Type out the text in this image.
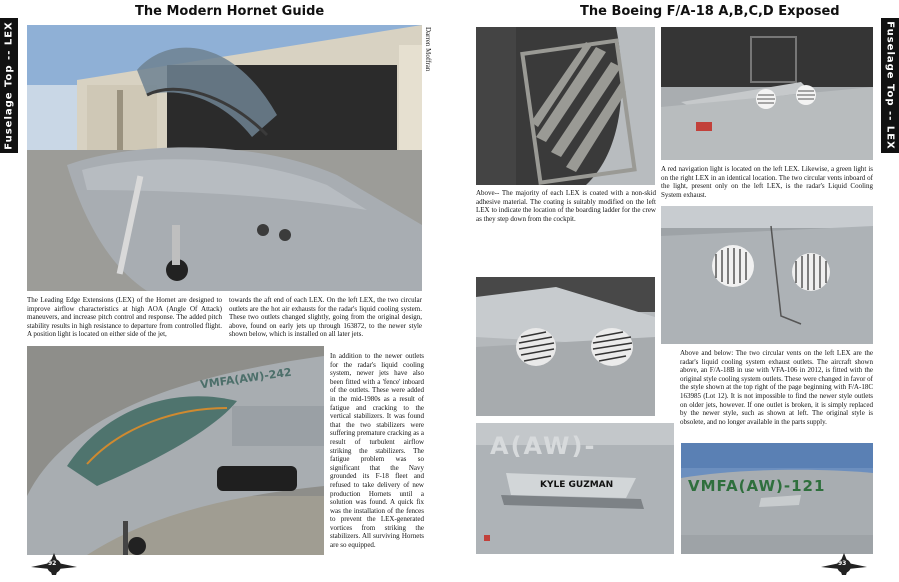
Fuselage Top -- LEX
The Modern Hornet Guide
Darren Moffran
The Leading Edge Extensions (LEX) of the Hornet are designed to improve airflow characteristics at high AOA (Angle Of Attack) maneuvers, and increase pitch control and response. The added pitch stability results in high resistance to departure from controlled flight. A position light is located on either side of the jet,
towards the aft end of each LEX. On the left LEX, the two circular outlets are the hot air exhausts for the radar's liquid cooling system. These two outlets changed slightly, going from the original design, above, found on early jets up through 163872, to the newer style shown below, which is installed on all later jets.
VMFA(AW)-242
In addition to the newer outlets for the radar's liquid cooling system, newer jets have also been fitted with a 'fence' inboard of the outlets. These were added in the mid-1980s as a result of fatigue and cracking to the vertical stabilizers. It was found that the two stabilizers were suffering premature cracking as a result of turbulent airflow striking the stabilizers. The fatigue problem was so significant that the Navy grounded its F-18 fleet and refused to take delivery of new production Hornets until a solution was found. A quick fix was the installation of the fences to prevent the LEX-generated vortices from striking the stabilizers. All surviving Hornets are so equipped.
92
The Boeing F/A-18 A,B,C,D Exposed
Fuselage Top -- LEX
A red navigation light is located on the left LEX. Likewise, a green light is on the right LEX in an identical location. The two circular vents inboard of the light, present only on the left LEX, is the radar's Liquid Cooling System exhaust.
Above-- The majority of each LEX is coated with a non-skid adhesive material. The coating is suitably modified on the left LEX to indicate the location of the boarding ladder for the crew as they step down from the cockpit.
Above and below: The two circular vents on the left LEX are the radar's liquid cooling system exhaust outlets. The aircraft shown above, an F/A-18B in use with VFA-106 in 2012, is fitted with the original style cooling system outlets. These were changed in favor of the style shown at the top right of the page beginning with F/A-18C 163985 (Lot 12). It is not impossible to find the newer style outlets on older jets, however. If one outlet is broken, it is simply replaced by the newer style, such as shown at left. The original style is obsolete, and no longer available in the parts supply.
A(AW)-
KYLE GUZMAN	VMFA(AW)-121
93
